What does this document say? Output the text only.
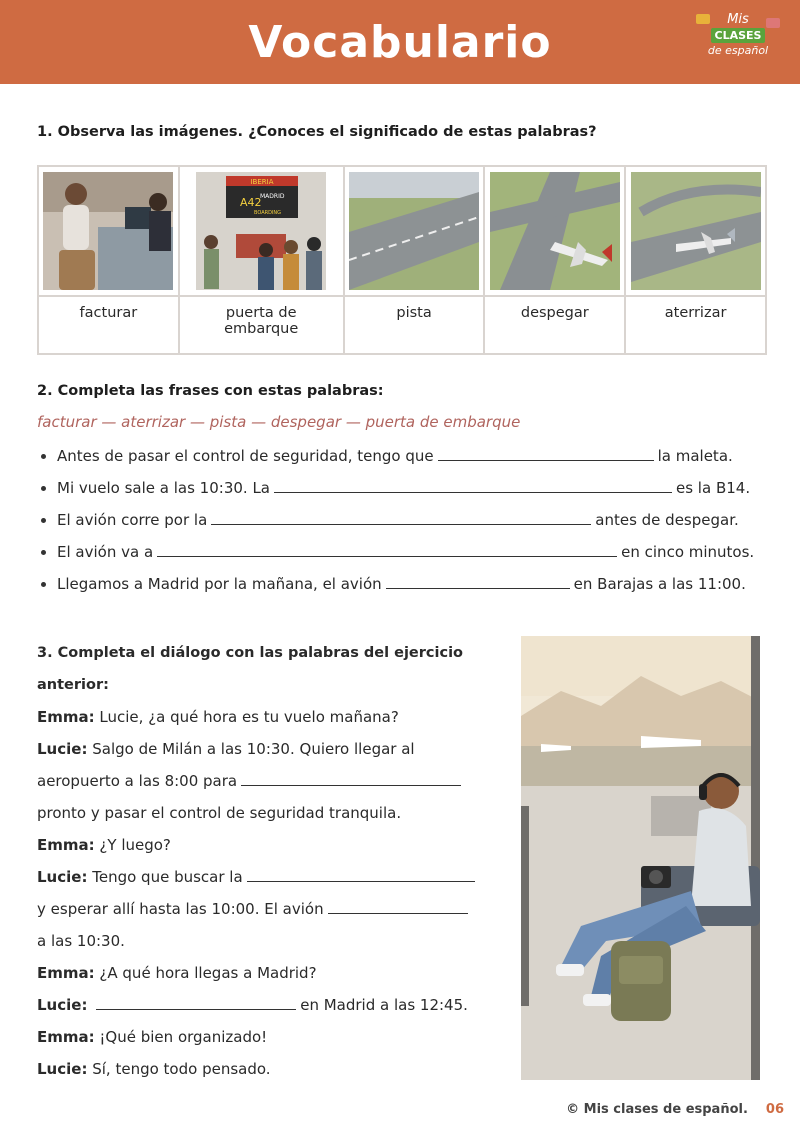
Vocabulario	Mis
CLASES
de español
1. Observa las imágenes. ¿Conoces el significado de estas palabras?

IBERIA
A42
MADRID
BOARDING

facturar	puerta de embarque	pista	despegar	aterrizar
2. Completa las frases con estas palabras:
facturar — aterrizar — pista — despegar — puerta de embarque
Antes de pasar el control de seguridad, tengo que	la maleta.
Mi vuelo sale a las 10:30. La	es la B14.
El avión corre por la	antes de despegar.
El avión va a	en cinco minutos.
Llegamos a Madrid por la mañana, el avión	en Barajas a las 11:00.
3. Completa el diálogo con las palabras del ejercicio
anterior:
Emma: Lucie, ¿a qué hora es tu vuelo mañana?
Lucie: Salgo de Milán a las 10:30. Quiero llegar al
aeropuerto a las 8:00 para
pronto y pasar el control de seguridad tranquila.
Emma: ¿Y luego?
Lucie: Tengo que buscar la
y esperar allí hasta las 10:00. El avión
a las 10:30.
Emma: ¿A qué hora llegas a Madrid?
Lucie:	en Madrid a las 12:45.
Emma: ¡Qué bien organizado!
Lucie: Sí, tengo todo pensado.
© Mis clases de español. 06
